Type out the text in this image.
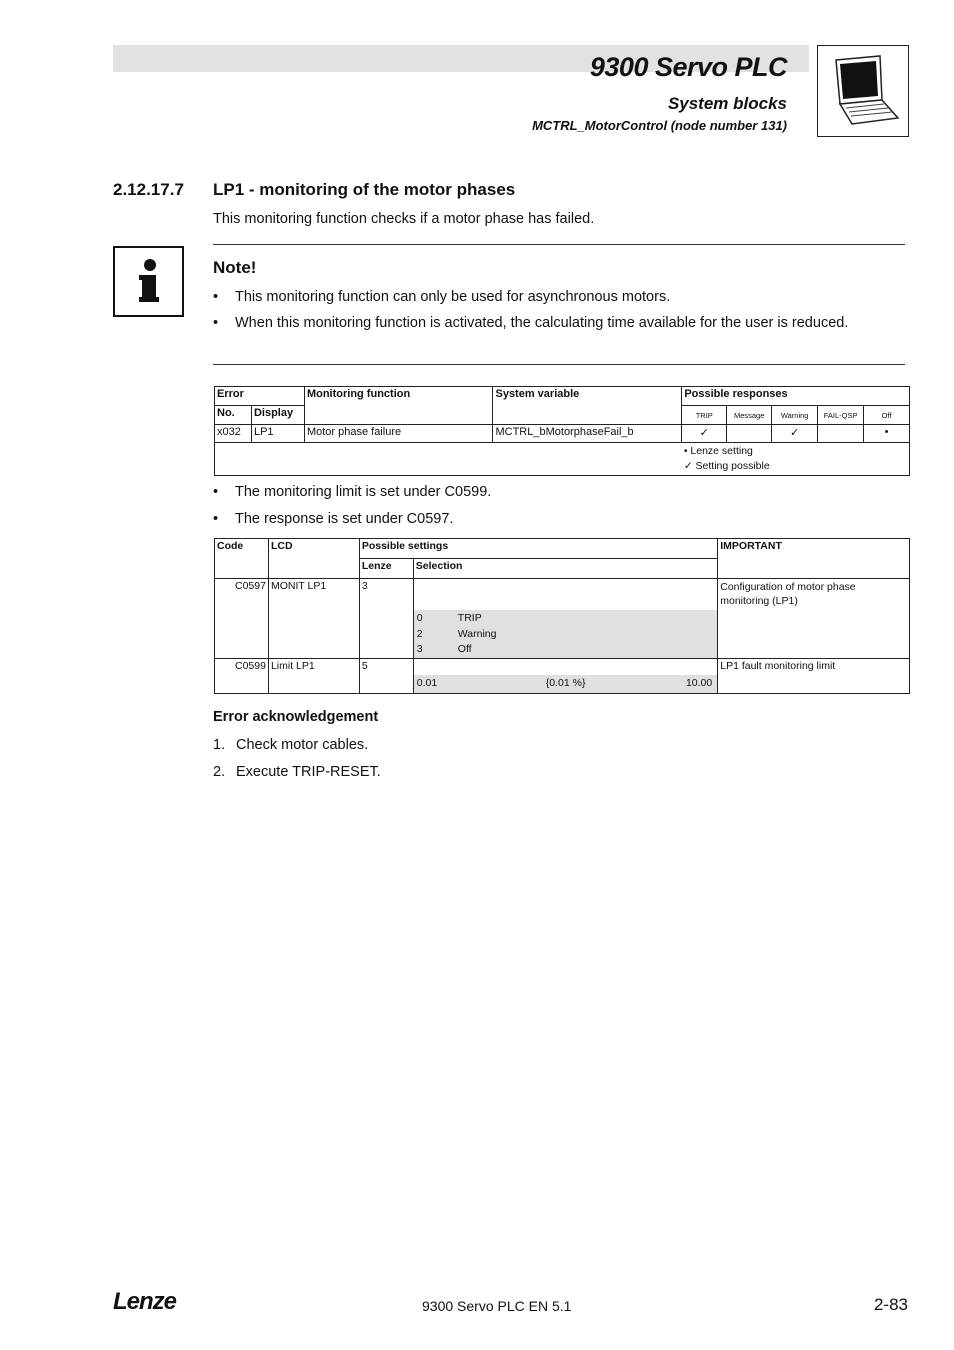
9300 Servo PLC
System blocks
MCTRL_MotorControl (node number 131)
2.12.17.7 LP1 - monitoring of the motor phases
This monitoring function checks if a motor phase has failed.
Note!
• This monitoring function can only be used for asynchronous motors.
• When this monitoring function is activated, the calculating time available for the user is reduced.
Error		Monitoring function	System variable	Possible responses				
No.	Display			TRIP	Message	Warning	FAIL-QSP	Off
x032	LP1	Motor phase failure	MCTRL_bMotorphaseFail_b	✓		✓		•

				• Lenze setting
✓ Setting possible				
• The monitoring limit is set under C0599.
• The response is set under C0597.
Code	LCD	Possible settings		IMPORTANT
		Lenze	Selection	
C0597	MONIT LP1	3	0 TRIP
2 Warning
3 Off	Configuration of motor phase monitoring (LP1)
C0599	Limit LP1	5	0.01 {0.01 %} 10.00	LP1 fault monitoring limit
Error acknowledgement
1. Check motor cables.
2. Execute TRIP-RESET.
Lenze	9300 Servo PLC EN 5.1	2-83
